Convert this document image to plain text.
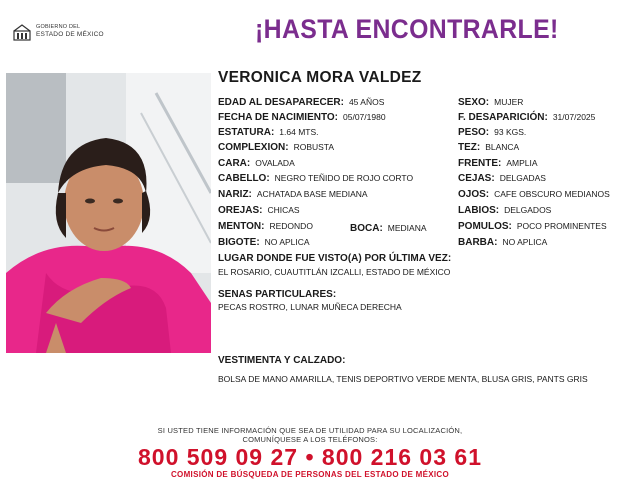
GOBIERNO DEL
ESTADO DE MÉXICO	¡HASTA ENCONTRARLE!
VERONICA MORA VALDEZ
EDAD AL DESAPARECER: 45 AÑOS
FECHA DE NACIMIENTO: 05/07/1980
ESTATURA: 1.64 MTS.
COMPLEXION: ROBUSTA
CARA: OVALADA
CABELLO: NEGRO TEÑIDO DE ROJO CORTO
NARIZ: ACHATADA BASE MEDIANA
OREJAS: CHICAS
MENTON: REDONDO	BOCA: MEDIANA
BIGOTE: NO APLICA
SEXO: MUJER
F. DESAPARICIÓN: 31/07/2025
PESO: 93 KGS.
TEZ: BLANCA
FRENTE: AMPLIA
CEJAS: DELGADAS
OJOS: CAFE OBSCURO MEDIANOS
LABIOS: DELGADOS
POMULOS: POCO PROMINENTES
BARBA: NO APLICA
LUGAR DONDE FUE VISTO(A) POR ÚLTIMA VEZ:
EL ROSARIO, CUAUTITLÁN IZCALLI, ESTADO DE MÉXICO
SENAS PARTICULARES:
PECAS ROSTRO, LUNAR MUÑECA DERECHA
VESTIMENTA Y CALZADO:
BOLSA DE MANO AMARILLA, TENIS DEPORTIVO VERDE MENTA, BLUSA GRIS, PANTS GRIS
SI USTED TIENE INFORMACIÓN QUE SEA DE UTILIDAD PARA SU LOCALIZACIÓN,
COMUNÍQUESE A LOS TELÉFONOS:
800 509 09 27 • 800 216 03 61
COMISIÓN DE BÚSQUEDA DE PERSONAS DEL ESTADO DE MÉXICO
